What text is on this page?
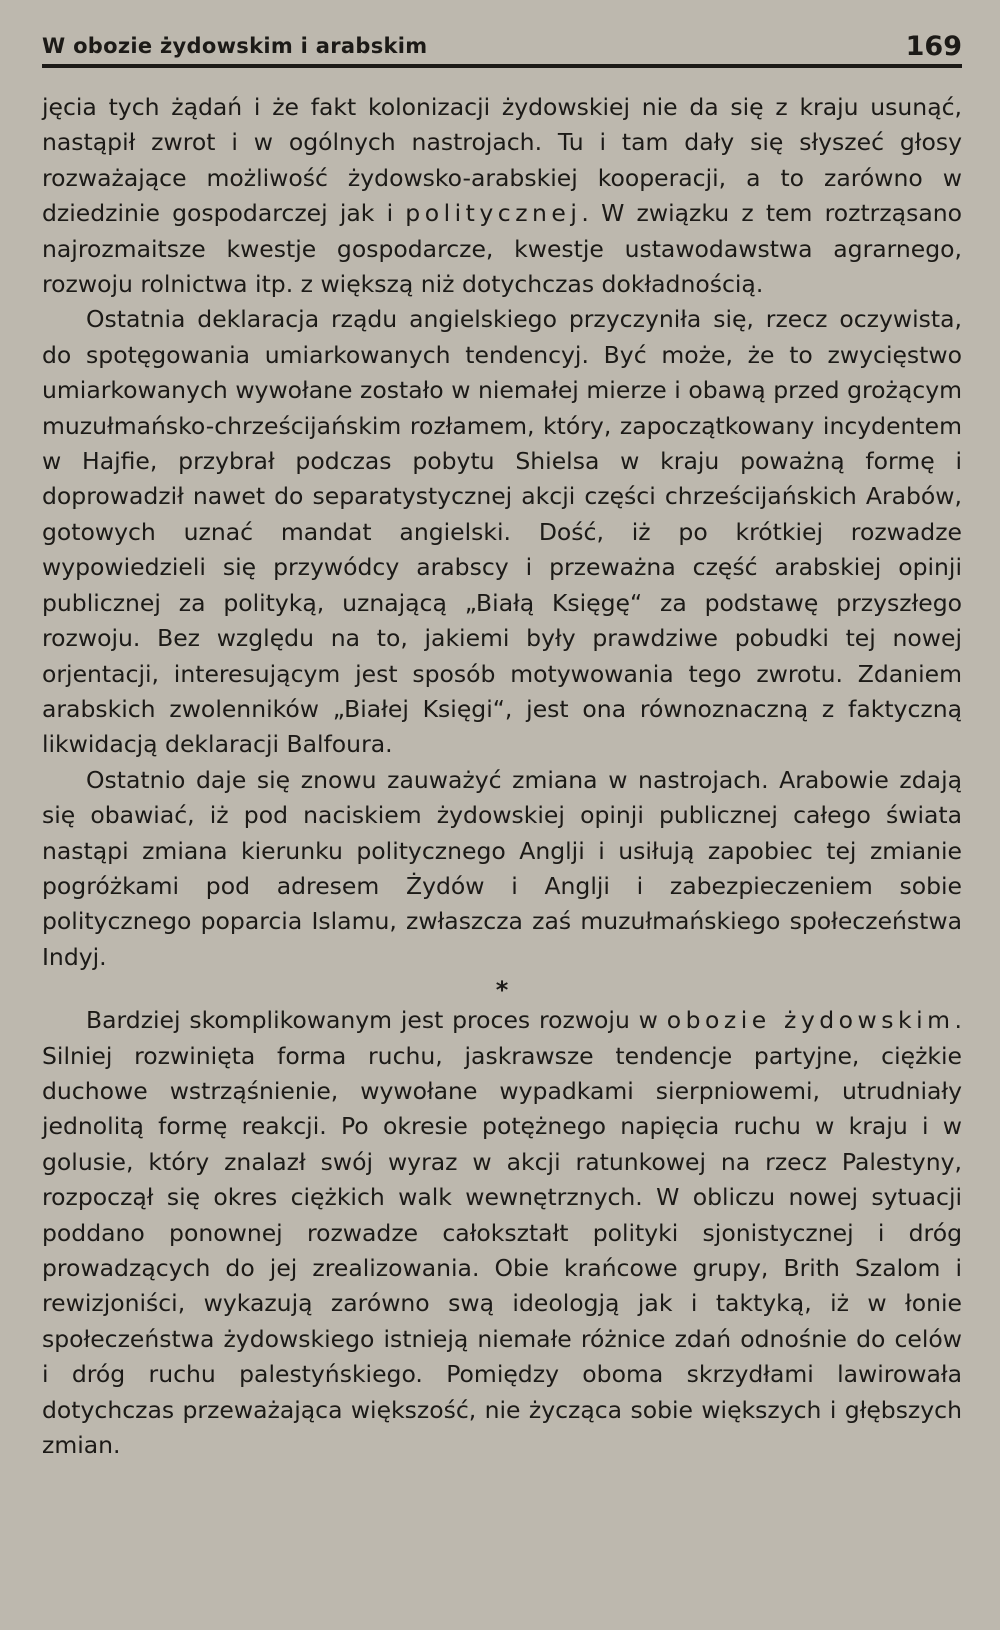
W obozie żydowskim i arabskim	169

jęcia tych żądań i że fakt kolonizacji żydowskiej nie da się z kraju usunąć, nastąpił zwrot i w ogólnych nastrojach. Tu i tam dały się słyszeć głosy rozważające możliwość żydowsko-arabskiej kooperacji, a to zarówno w dziedzinie gospodarczej jak i politycznej. W związku z tem roztrząsano najrozmaitsze kwestje gospodarcze, kwestje ustawodawstwa agrarnego, rozwoju rolnictwa itp. z większą niż dotychczas dokładnością.

Ostatnia deklaracja rządu angielskiego przyczyniła się, rzecz oczywista, do spotęgowania umiarkowanych tendencyj. Być może, że to zwycięstwo umiarkowanych wywołane zostało w niemałej mierze i obawą przed grożącym muzułmańsko-chrześcijańskim rozłamem, który, zapoczątkowany incydentem w Hajfie, przybrał podczas pobytu Shielsa w kraju poważną formę i doprowadził nawet do separatystycznej akcji części chrześcijańskich Arabów, gotowych uznać mandat angielski. Dość, iż po krótkiej rozwadze wypowiedzieli się przywódcy arabscy i przeważna część arabskiej opinji publicznej za polityką, uznającą „Białą Księgę“ za podstawę przyszłego rozwoju. Bez względu na to, jakiemi były prawdziwe pobudki tej nowej orjentacji, interesującym jest sposób motywowania tego zwrotu. Zdaniem arabskich zwolenników „Białej Księgi“, jest ona równoznaczną z faktyczną likwidacją deklaracji Balfoura.

Ostatnio daje się znowu zauważyć zmiana w nastrojach. Arabowie zdają się obawiać, iż pod naciskiem żydowskiej opinji publicznej całego świata nastąpi zmiana kierunku politycznego Anglji i usiłują zapobiec tej zmianie pogróżkami pod adresem Żydów i Anglji i zabezpieczeniem sobie politycznego poparcia Islamu, zwłaszcza zaś muzułmańskiego społeczeństwa Indyj.

*

Bardziej skomplikowanym jest proces rozwoju w obozie żydowskim. Silniej rozwinięta forma ruchu, jaskrawsze tendencje partyjne, ciężkie duchowe wstrząśnienie, wywołane wypadkami sierpniowemi, utrudniały jednolitą formę reakcji. Po okresie potężnego napięcia ruchu w kraju i w golusie, który znalazł swój wyraz w akcji ratunkowej na rzecz Palestyny, rozpoczął się okres ciężkich walk wewnętrznych. W obliczu nowej sytuacji poddano ponownej rozwadze całokształt polityki sjonistycznej i dróg prowadzących do jej zrealizowania. Obie krańcowe grupy, Brith Szalom i rewizjoniści, wykazują zarówno swą ideologją jak i taktyką, iż w łonie społeczeństwa żydowskiego istnieją niemałe różnice zdań odnośnie do celów i dróg ruchu palestyńskiego. Pomiędzy oboma skrzydłami lawirowała dotychczas przeważająca większość, nie życząca sobie większych i głębszych zmian.
